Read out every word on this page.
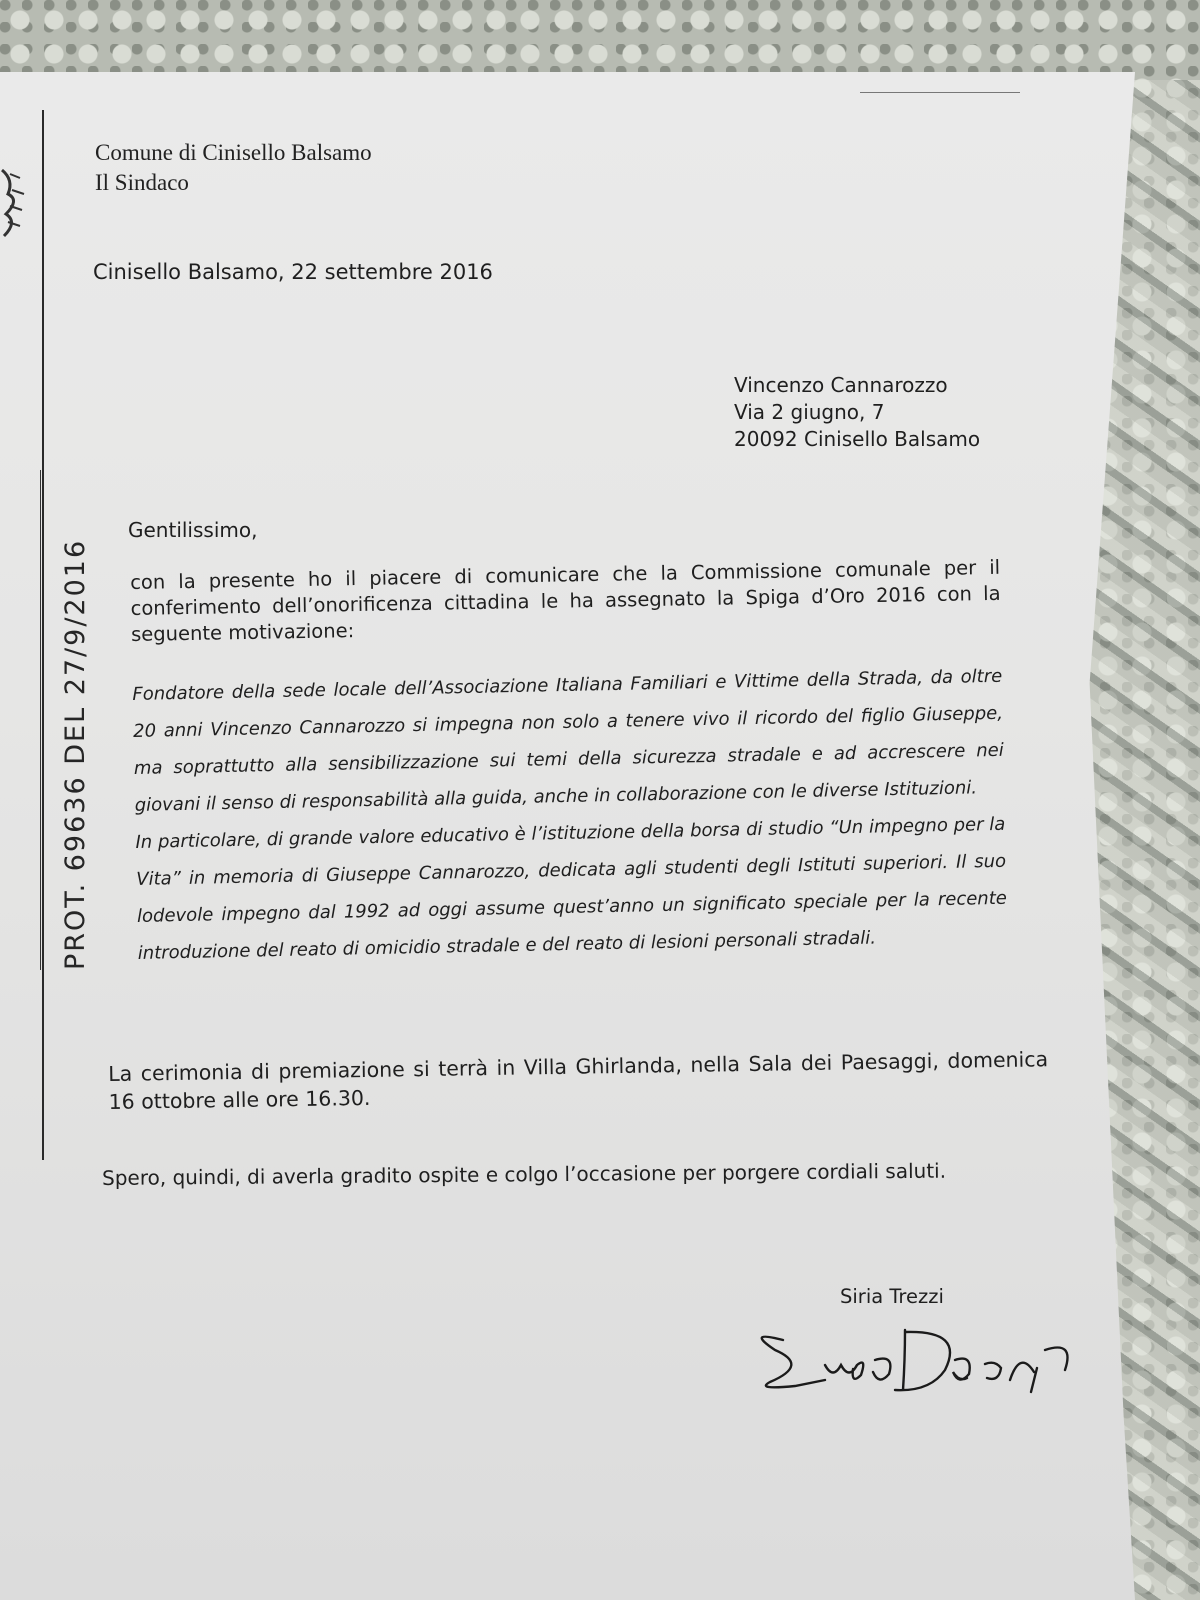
Comune di Cinisello Balsamo
Il Sindaco
Cinisello Balsamo, 22 settembre 2016
Vincenzo Cannarozzo
Via 2 giugno, 7
20092 Cinisello Balsamo
Gentilissimo,
con la presente ho il piacere di comunicare che la Commissione comunale per il conferimento dell’onorificenza cittadina le ha assegnato la Spiga d’Oro 2016 con la seguente motivazione:

Fondatore della sede locale dell’Associazione Italiana Familiari e Vittime della Strada, da oltre 20 anni Vincenzo Cannarozzo si impegna non solo a tenere vivo il ricordo del figlio Giuseppe, ma soprattutto alla sensibilizzazione sui temi della sicurezza stradale e ad accrescere nei giovani il senso di responsabilità alla guida, anche in collaborazione con le diverse Istituzioni.

In particolare, di grande valore educativo è l’istituzione della borsa di studio “Un impegno per la Vita” in memoria di Giuseppe Cannarozzo, dedicata agli studenti degli Istituti superiori. Il suo lodevole impegno dal 1992 ad oggi assume quest’anno un significato speciale per la recente introduzione del reato di omicidio stradale e del reato di lesioni personali stradali.

La cerimonia di premiazione si terrà in Villa Ghirlanda, nella Sala dei Paesaggi, domenica 16 ottobre alle ore 16.30.
Spero, quindi, di averla gradito ospite e colgo l’occasione per porgere cordiali saluti.
Siria Trezzi
PROT. 69636 DEL 27/9/2016
